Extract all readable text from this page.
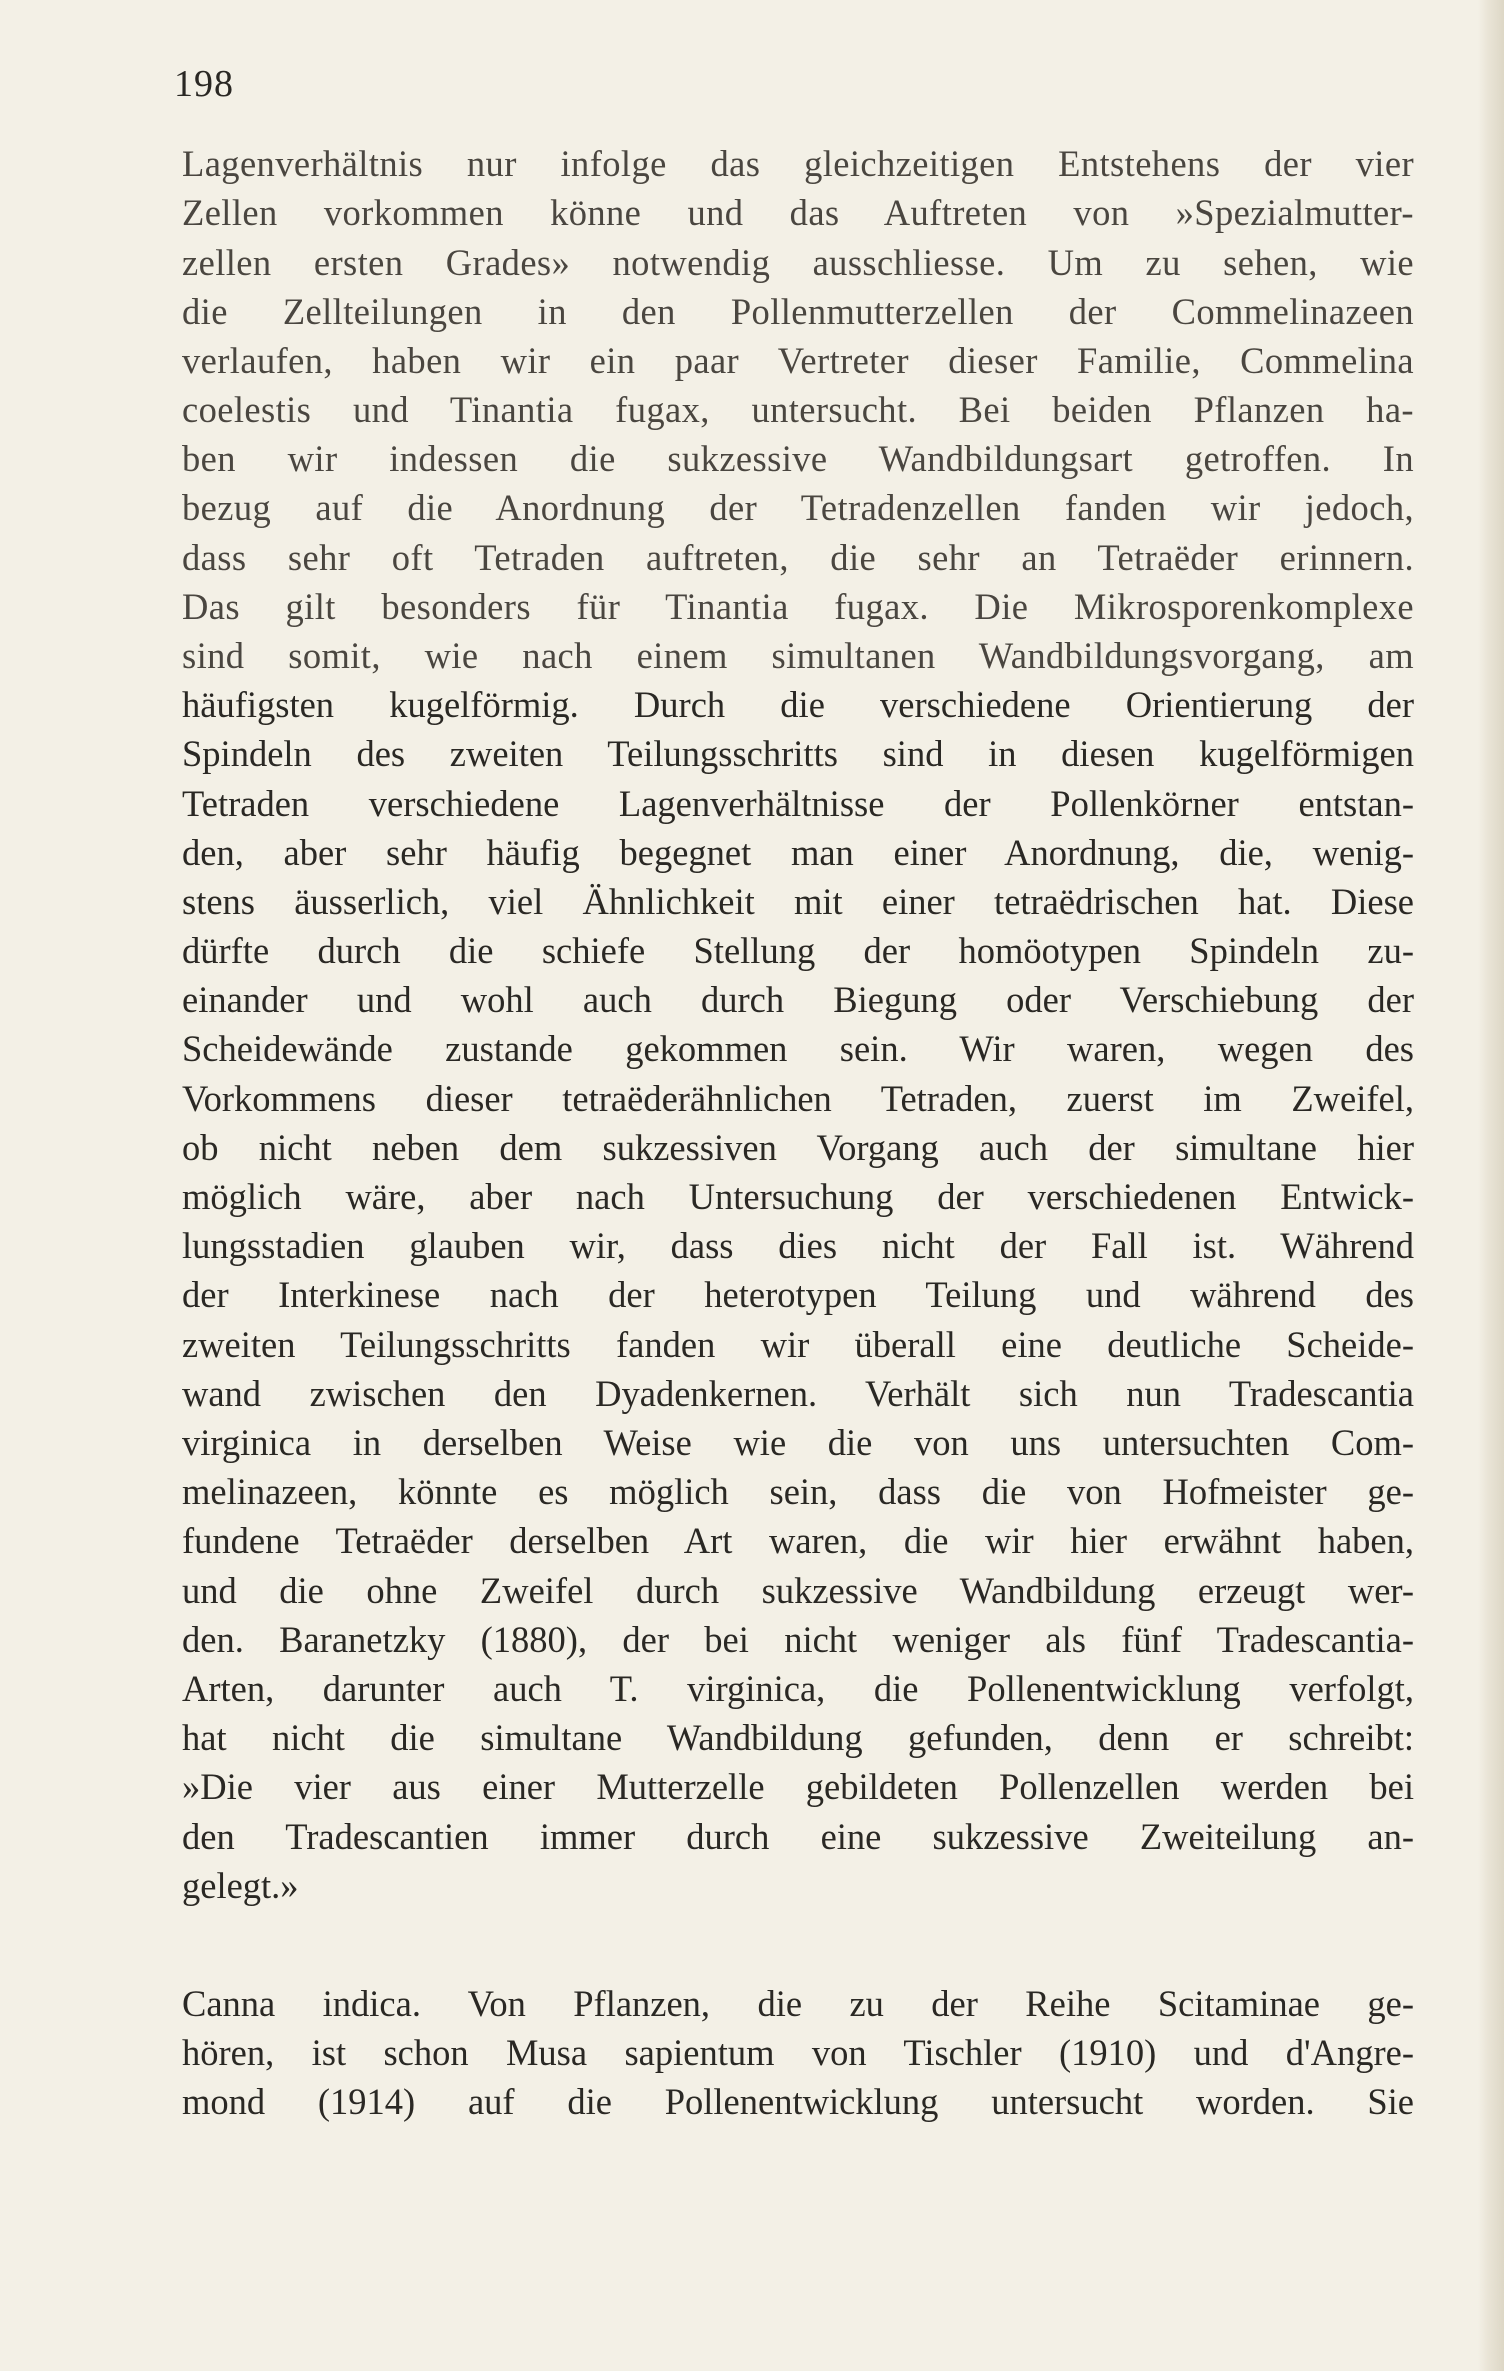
198
Lagenverhältnis nur infolge das gleichzeitigen Entstehens der vier
Zellen vorkommen könne und das Auftreten von »Spezialmutter-
zellen ersten Grades» notwendig ausschliesse. Um zu sehen, wie
die Zellteilungen in den Pollenmutterzellen der Commelinazeen
verlaufen, haben wir ein paar Vertreter dieser Familie, Commelina
coelestis und Tinantia fugax, untersucht. Bei beiden Pflanzen ha-
ben wir indessen die sukzessive Wandbildungsart getroffen. In
bezug auf die Anordnung der Tetradenzellen fanden wir jedoch,
dass sehr oft Tetraden auftreten, die sehr an Tetraëder erinnern.
Das gilt besonders für Tinantia fugax. Die Mikrosporenkomplexe
sind somit, wie nach einem simultanen Wandbildungsvorgang, am
häufigsten kugelförmig. Durch die verschiedene Orientierung der
Spindeln des zweiten Teilungsschritts sind in diesen kugelförmigen
Tetraden verschiedene Lagenverhältnisse der Pollenkörner entstan-
den, aber sehr häufig begegnet man einer Anordnung, die, wenig-
stens äusserlich, viel Ähnlichkeit mit einer tetraëdrischen hat. Diese
dürfte durch die schiefe Stellung der homöotypen Spindeln zu-
einander und wohl auch durch Biegung oder Verschiebung der
Scheidewände zustande gekommen sein. Wir waren, wegen des
Vorkommens dieser tetraëderähnlichen Tetraden, zuerst im Zweifel,
ob nicht neben dem sukzessiven Vorgang auch der simultane hier
möglich wäre, aber nach Untersuchung der verschiedenen Entwick-
lungsstadien glauben wir, dass dies nicht der Fall ist. Während
der Interkinese nach der heterotypen Teilung und während des
zweiten Teilungsschritts fanden wir überall eine deutliche Scheide-
wand zwischen den Dyadenkernen. Verhält sich nun Tradescantia
virginica in derselben Weise wie die von uns untersuchten Com-
melinazeen, könnte es möglich sein, dass die von Hofmeister ge-
fundene Tetraëder derselben Art waren, die wir hier erwähnt haben,
und die ohne Zweifel durch sukzessive Wandbildung erzeugt wer-
den. Baranetzky (1880), der bei nicht weniger als fünf Tradescantia-
Arten, darunter auch T. virginica, die Pollenentwicklung verfolgt,
hat nicht die simultane Wandbildung gefunden, denn er schreibt:
»Die vier aus einer Mutterzelle gebildeten Pollenzellen werden bei
den Tradescantien immer durch eine sukzessive Zweiteilung an-
gelegt.»
Canna indica. Von Pflanzen, die zu der Reihe Scitaminae ge-
hören, ist schon Musa sapientum von Tischler (1910) und d'Angre-
mond (1914) auf die Pollenentwicklung untersucht worden. Sie
